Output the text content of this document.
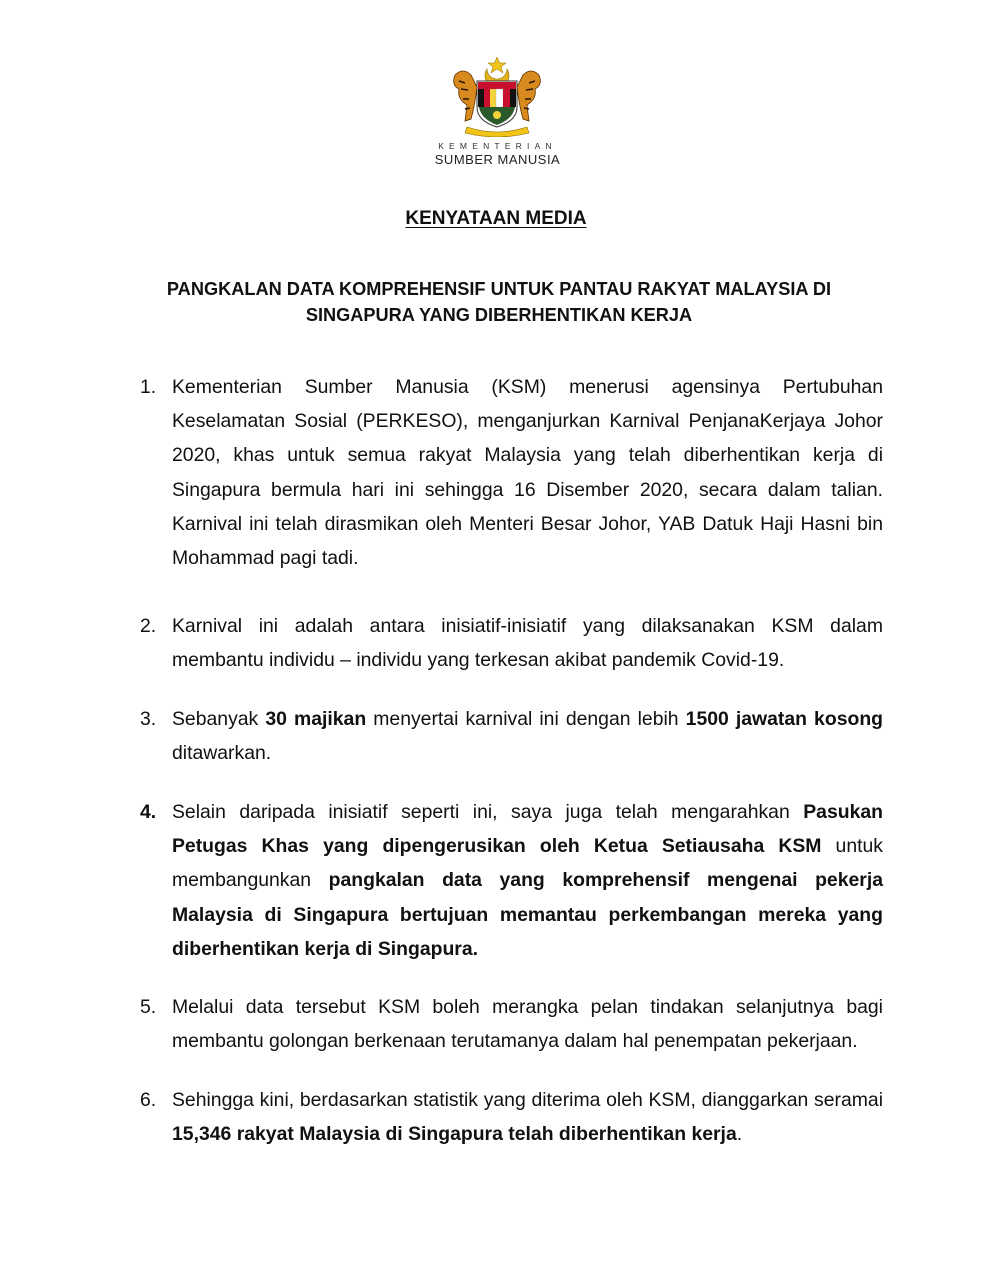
KEMENTERIAN
SUMBER MANUSIA
KENYATAAN MEDIA
PANGKALAN DATA KOMPREHENSIF UNTUK PANTAU RAKYAT MALAYSIA DI
SINGAPURA YANG DIBERHENTIKAN KERJA
1. Kementerian Sumber Manusia (KSM) menerusi agensinya Pertubuhan Keselamatan Sosial (PERKESO), menganjurkan Karnival PenjanaKerjaya Johor 2020, khas untuk semua rakyat Malaysia yang telah diberhentikan kerja di Singapura bermula hari ini sehingga 16 Disember 2020, secara dalam talian. Karnival ini telah dirasmikan oleh Menteri Besar Johor, YAB Datuk Haji Hasni bin Mohammad pagi tadi.
2. Karnival ini adalah antara inisiatif-inisiatif yang dilaksanakan KSM dalam membantu individu – individu yang terkesan akibat pandemik Covid-19.
3. Sebanyak 30 majikan menyertai karnival ini dengan lebih 1500 jawatan kosong ditawarkan.
4. Selain daripada inisiatif seperti ini, saya juga telah mengarahkan Pasukan Petugas Khas yang dipengerusikan oleh Ketua Setiausaha KSM untuk membangunkan pangkalan data yang komprehensif mengenai pekerja Malaysia di Singapura bertujuan memantau perkembangan mereka yang diberhentikan kerja di Singapura.
5. Melalui data tersebut KSM boleh merangka pelan tindakan selanjutnya bagi membantu golongan berkenaan terutamanya dalam hal penempatan pekerjaan.
6. Sehingga kini, berdasarkan statistik yang diterima oleh KSM, dianggarkan seramai 15,346 rakyat Malaysia di Singapura telah diberhentikan kerja.
